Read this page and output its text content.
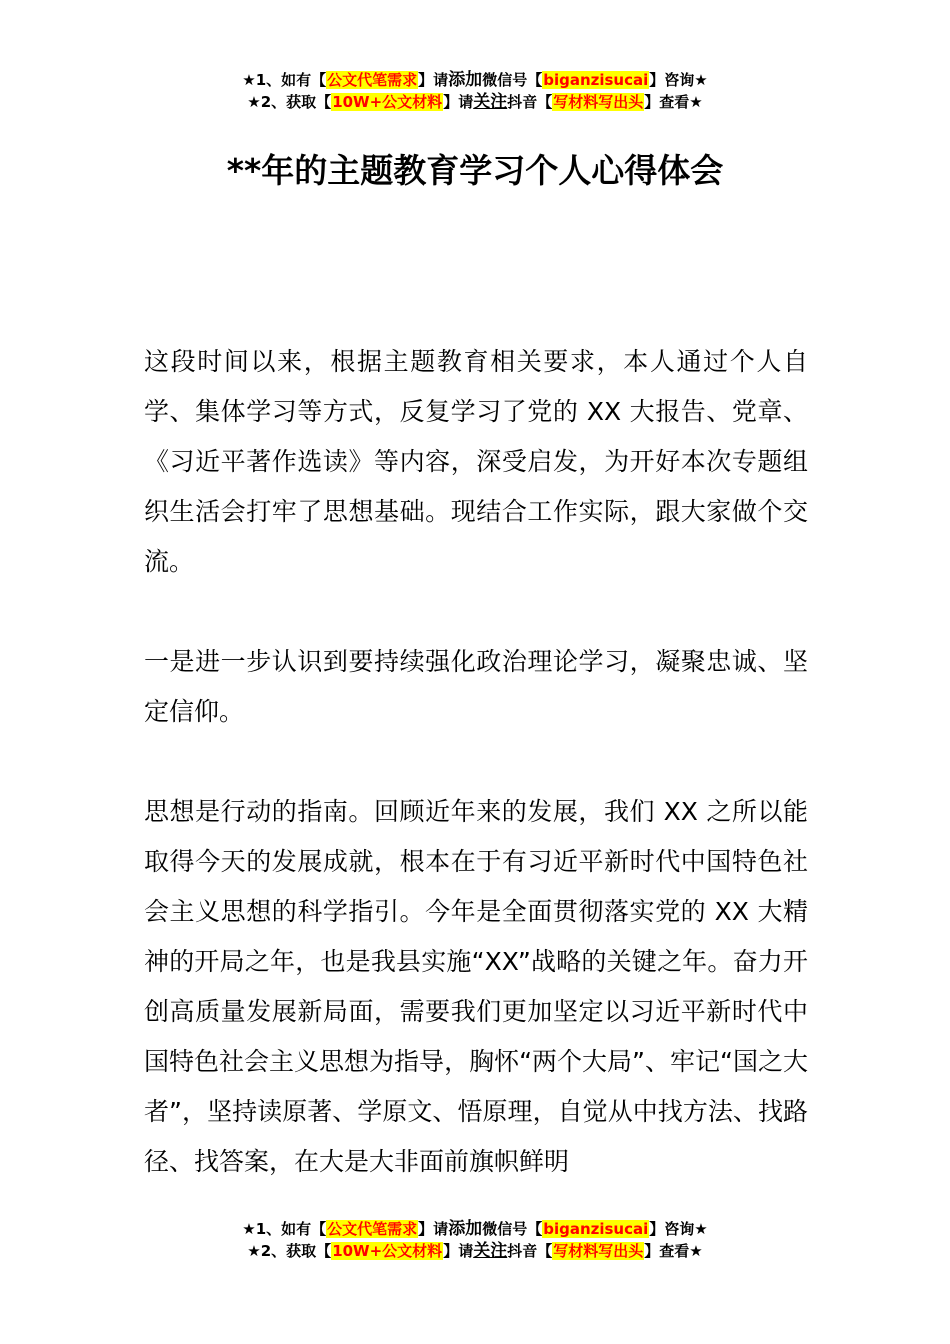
★1、如有【公文代笔需求】请添加微信号【biganzisucai】咨询★
★2、获取【10W+公文材料】请关注抖音【写材料写出头】查看★
**年的主题教育学习个人心得体会

这段时间以来，根据主题教育相关要求，本人通过个人自学、集体学习等方式，反复学习了党的 XX 大报告、党章、《习近平著作选读》等内容，深受启发，为开好本次专题组织生活会打牢了思想基础。现结合工作实际，跟大家做个交流。

一是进一步认识到要持续强化政治理论学习，凝聚忠诚、坚定信仰。

思想是行动的指南。回顾近年来的发展，我们 XX 之所以能取得今天的发展成就，根本在于有习近平新时代中国特色社会主义思想的科学指引。今年是全面贯彻落实党的 XX 大精神的开局之年，也是我县实施“XX”战略的关键之年。奋力开创高质量发展新局面，需要我们更加坚定以习近平新时代中国特色社会主义思想为指导，胸怀“两个大局”、牢记“国之大者”，坚持读原著、学原文、悟原理，自觉从中找方法、找路径、找答案，在大是大非面前旗帜鲜明

★1、如有【公文代笔需求】请添加微信号【biganzisucai】咨询★
★2、获取【10W+公文材料】请关注抖音【写材料写出头】查看★
